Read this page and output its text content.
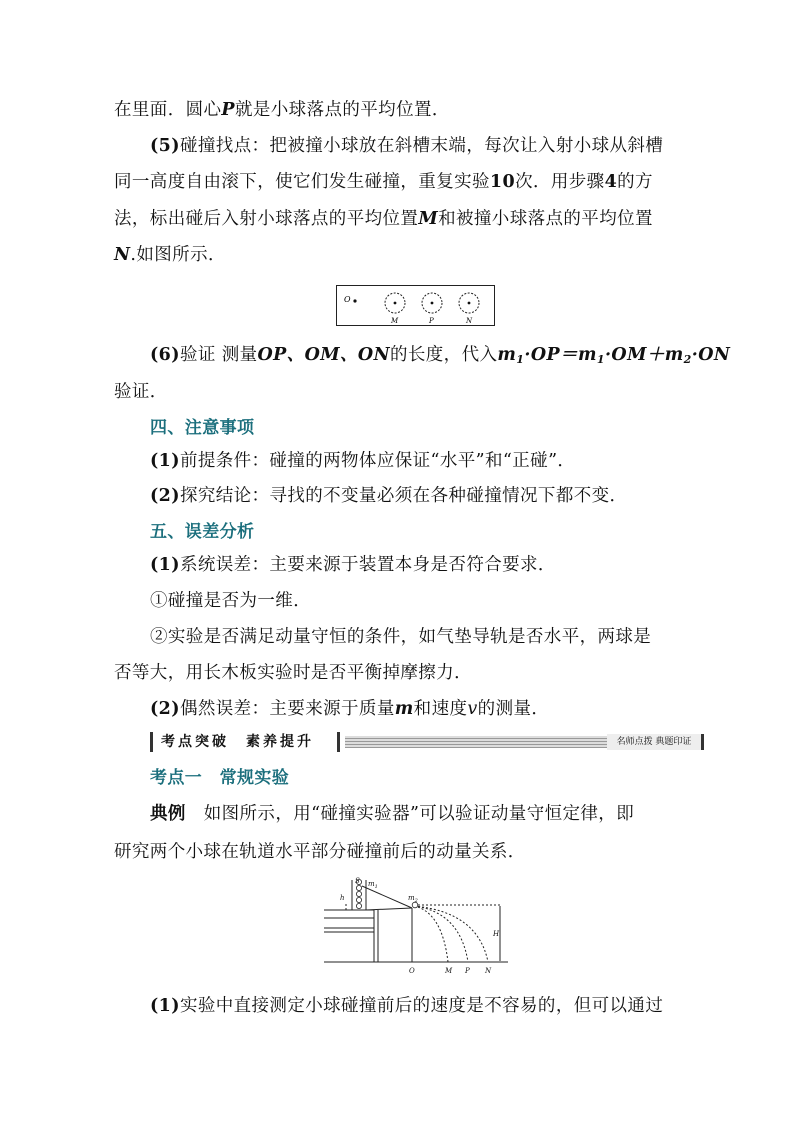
在里面．圆心P就是小球落点的平均位置．
(5)碰撞找点：把被撞小球放在斜槽末端，每次让入射小球从斜槽
同一高度自由滚下，使它们发生碰撞，重复实验10次．用步骤4的方
法，标出碰后入射小球落点的平均位置M和被撞小球落点的平均位置
N.如图所示．
O
M	P	N
(6)验证 测量OP、OM、ON的长度，代入$m_1\cdot OP=m_1\cdot OM+m_2\cdot ON$
验证．
四、注意事项
(1)前提条件：碰撞的两物体应保证“水平”和“正碰”．
(2)探究结论：寻找的不变量必须在各种碰撞情况下都不变．
五、误差分析
(1)系统误差：主要来源于装置本身是否符合要求．
①碰撞是否为一维．
②实验是否满足动量守恒的条件，如气垫导轨是否水平，两球是
否等大，用长木板实验时是否平衡掉摩擦力．
(2)偶然误差：主要来源于质量m和速度v的测量．
考点突破　素养提升	名师点拨 典题印证
考点一　常规实验
典例　 如图所示，用“碰撞实验器”可以验证动量守恒定律，即
研究两个小球在轨道水平部分碰撞前后的动量关系．
S $m_1$
$m_2$
h
H
O	M P N
(1)实验中直接测定小球碰撞前后的速度是不容易的，但可以通过
